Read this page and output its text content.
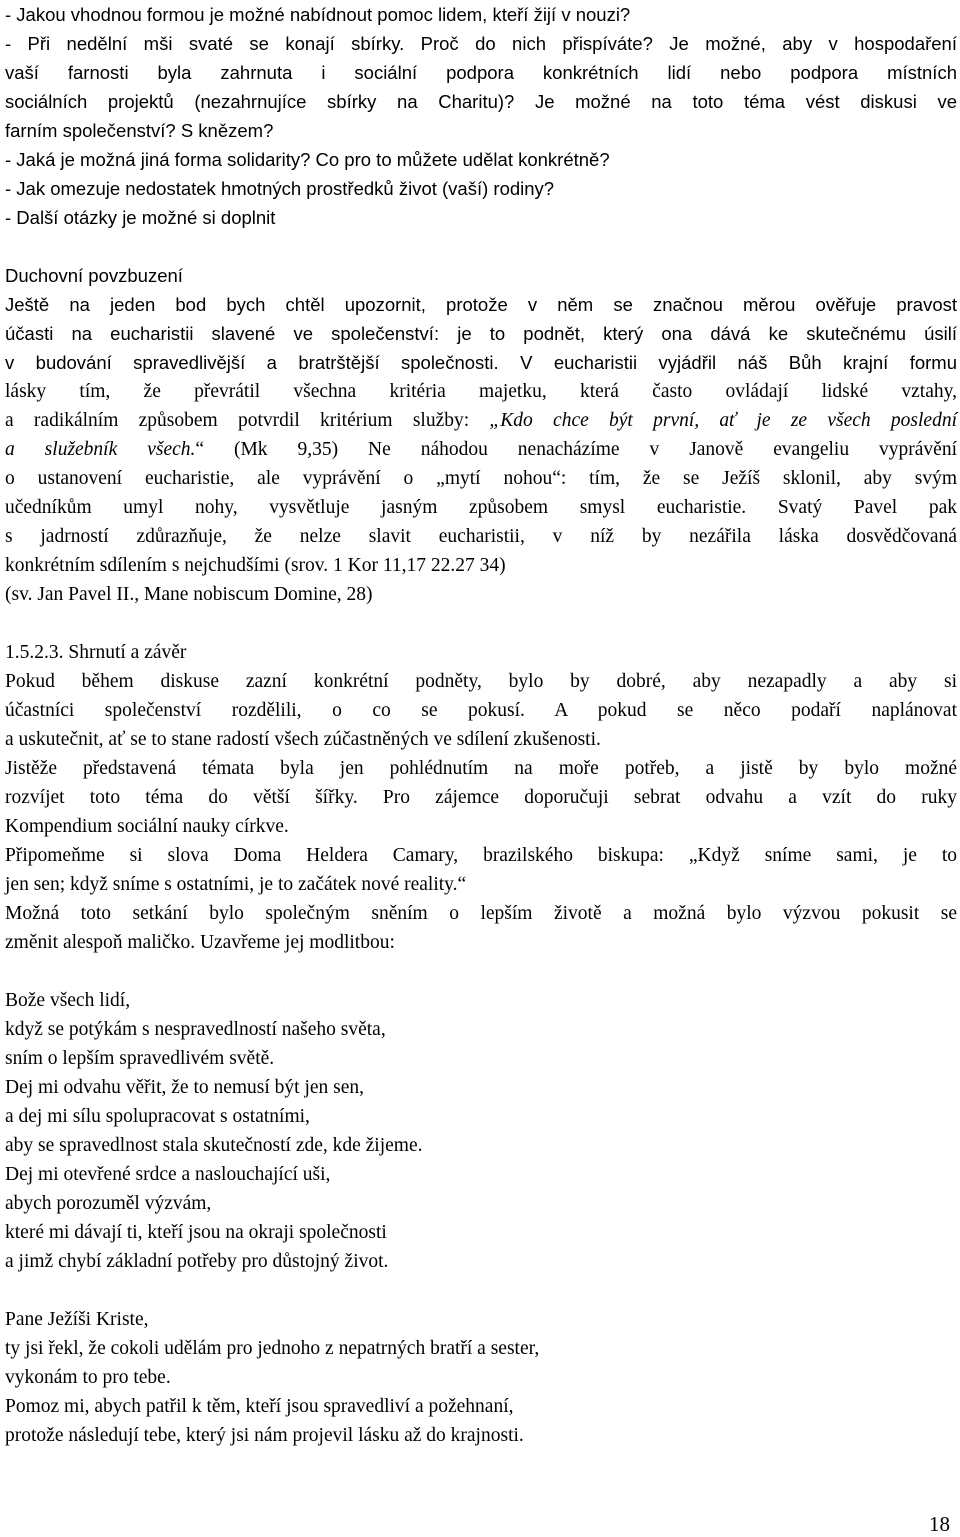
- Jakou vhodnou formou je možné nabídnout pomoc lidem, kteří žijí v nouzi?
- Při nedělní mši svaté se konají sbírky. Proč do nich přispíváte? Je možné, aby v hospodaření
vaší farnosti byla zahrnuta i sociální podpora konkrétních lidí nebo podpora místních
sociálních projektů (nezahrnujíce sbírky na Charitu)? Je možné na toto téma vést diskusi ve
farním společenství? S knězem?
- Jaká je možná jiná forma solidarity? Co pro to můžete udělat konkrétně?
- Jak omezuje nedostatek hmotných prostředků život (vaší) rodiny?
- Další otázky je možné si doplnit
Duchovní povzbuzení
Ještě na jeden bod bych chtěl upozornit, protože v něm se značnou měrou ověřuje pravost
účasti na eucharistii slavené ve společenství: je to podnět, který ona dává ke skutečnému úsilí
v budování spravedlivější a bratrštější společnosti. V eucharistii vyjádřil náš Bůh krajní formu
lásky tím, že převrátil všechna kritéria majetku, která často ovládají lidské vztahy,
a radikálním způsobem potvrdil kritérium služby: „Kdo chce být první, ať je ze všech poslední
a služebník všech.“ (Mk 9,35) Ne náhodou nenacházíme v Janově evangeliu vyprávění
o ustanovení eucharistie, ale vyprávění o „mytí nohou“: tím, že se Ježíš sklonil, aby svým
učedníkům umyl nohy, vysvětluje jasným způsobem smysl eucharistie. Svatý Pavel pak
s jadrností zdůrazňuje, že nelze slavit eucharistii, v níž by nezářila láska dosvědčovaná
konkrétním sdílením s nejchudšími (srov. 1 Kor 11,17 22.27 34)
(sv. Jan Pavel II., Mane nobiscum Domine, 28)
1.5.2.3. Shrnutí a závěr
Pokud během diskuse zazní konkrétní podněty, bylo by dobré, aby nezapadly a aby si
účastníci společenství rozdělili, o co se pokusí. A pokud se něco podaří naplánovat
a uskutečnit, ať se to stane radostí všech zúčastněných ve sdílení zkušenosti.
Jistěže představená témata byla jen pohlédnutím na moře potřeb, a jistě by bylo možné
rozvíjet toto téma do větší šířky. Pro zájemce doporučuji sebrat odvahu a vzít do ruky
Kompendium sociální nauky církve.
Připomeňme si slova Doma Heldera Camary, brazilského biskupa: „Když sníme sami, je to
jen sen; když sníme s ostatními, je to začátek nové reality.“
Možná toto setkání bylo společným sněním o lepším životě a možná bylo výzvou pokusit se
změnit alespoň maličko. Uzavřeme jej modlitbou:
Bože všech lidí,
když se potýkám s nespravedlností našeho světa,
sním o lepším spravedlivém světě.
Dej mi odvahu věřit, že to nemusí být jen sen,
a dej mi sílu spolupracovat s ostatními,
aby se spravedlnost stala skutečností zde, kde žijeme.
Dej mi otevřené srdce a naslouchající uši,
abych porozuměl výzvám,
které mi dávají ti, kteří jsou na okraji společnosti
a jimž chybí základní potřeby pro důstojný život.
Pane Ježíši Kriste,
ty jsi řekl, že cokoli udělám pro jednoho z nepatrných bratří a sester,
vykonám to pro tebe.
Pomoz mi, abych patřil k těm, kteří jsou spravedliví a požehnaní,
protože následují tebe, který jsi nám projevil lásku až do krajnosti.
18
